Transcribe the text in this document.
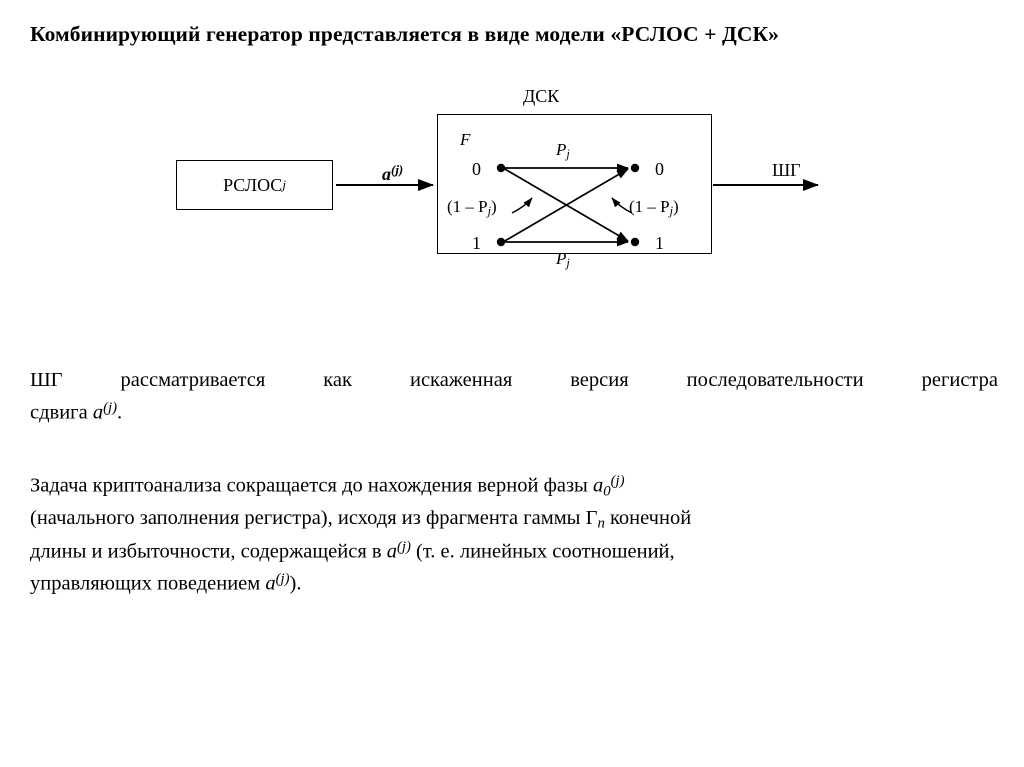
Комбинирующий генератор представляется в виде модели «РСЛОС + ДСК»
ДСК
ШГ
РСЛОС j
F
$a^{(j)}$	0
1
0
1
$P_j$
$P_j$
$(1 - P_j)$	$(1 - P_j)$
ШГ рассматривается как искаженная версия последовательности регистра
сдвига $a^{(j)}$.
Задача криптоанализа сокращается до нахождения верной фазы $a_0^{(j)}$
(начального заполнения регистра), исходя из фрагмента гаммы $\Gamma_n$ конечной
длины и избыточности, содержащейся в $a^{(j)}$ (т. е. линейных соотношений,
управляющих поведением $a^{(j)}$).
